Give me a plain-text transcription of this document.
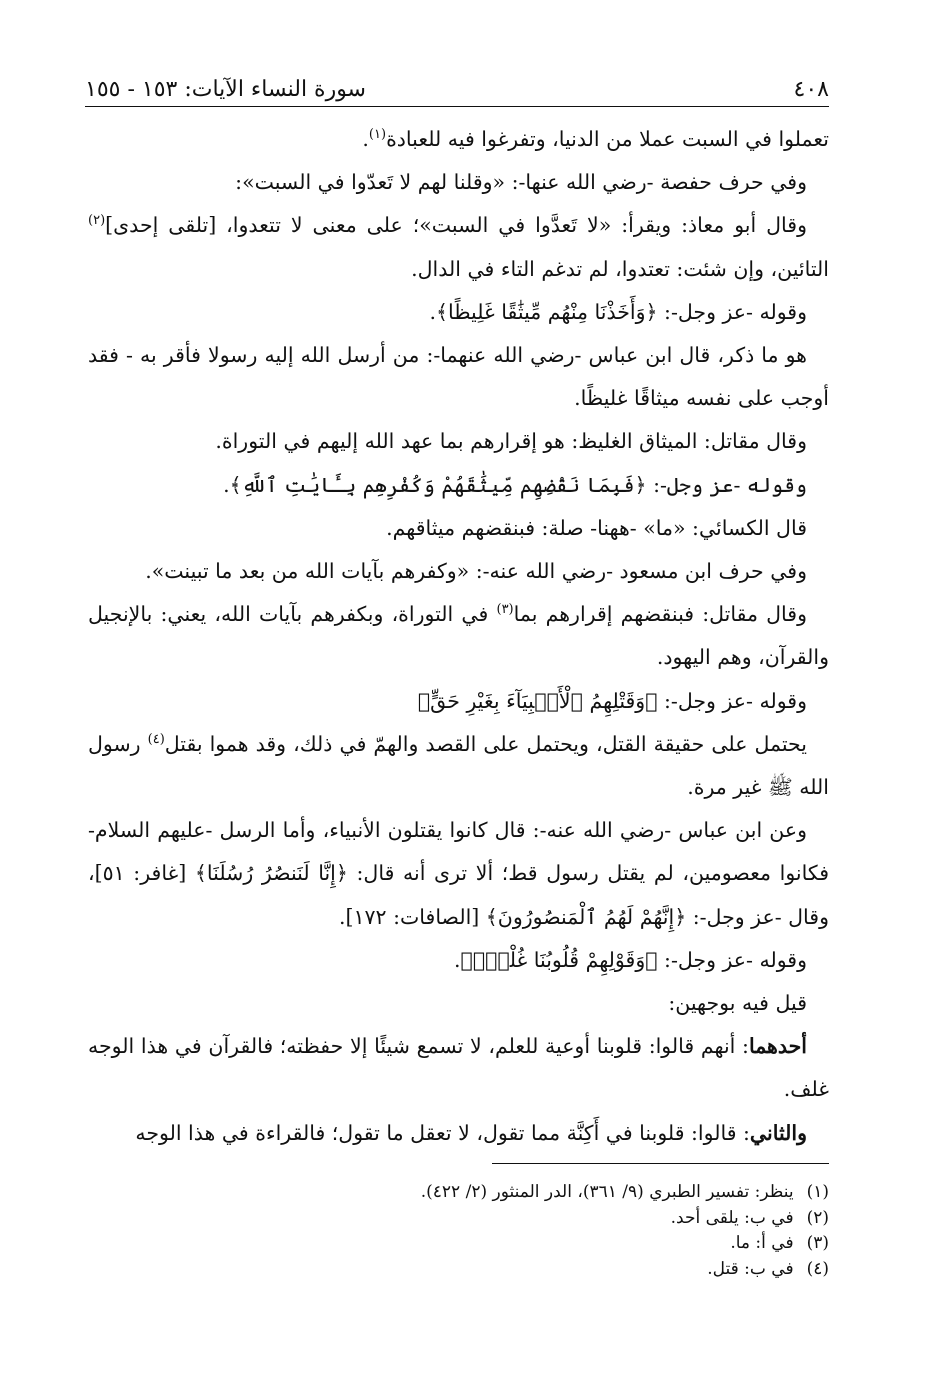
٤٠٨
سورة النساء الآيات: ١٥٣ - ١٥٥

تعملوا في السبت عملا من الدنيا، وتفرغوا فيه للعبادة$^{(١)}$.

وفي حرف حفصة -رضي الله عنها-: «وقلنا لهم لا تَعدّوا في السبت»:

وقال أبو معاذ: ويقرأ: «لا تَعدَّوا في السبت»؛ على معنى لا تتعدوا، [تلقى إحدى]$^{(٢)}$ التائين، وإن شئت: تعتدوا، لم تدغم التاء في الدال.

وقوله -عز وجل-: ﴿وَأَخَذْنَا مِنْهُم مِّيثَٰقًا غَلِيظًا﴾.

هو ما ذكر، قال ابن عباس -رضي الله عنهما-: من أرسل الله إليه رسولا فأقر به - فقد أوجب على نفسه ميثاقًا غليظًا.

وقال مقاتل: الميثاق الغليظ: هو إقرارهم بما عهد الله إليهم في التوراة.

وقوله -عز وجل-: ﴿فَبِمَا نَقْضِهِم مِّيثَٰقَهُمْ وَكُفْرِهِم بِـَٔايَٰتِ ٱللَّهِ﴾.

قال الكسائي: «ما» -ههنا- صلة: فبنقضهم ميثاقهم.

وفي حرف ابن مسعود -رضي الله عنه-: «وكفرهم بآيات الله من بعد ما تبينت».

وقال مقاتل: فبنقضهم إقرارهم بما$^{(٣)}$ في التوراة، وبكفرهم بآيات الله، يعني: بالإنجيل والقرآن، وهم اليهود.

وقوله -عز وجل-: ﴿وَقَتْلِهِمُ ٱلْأَنۢبِيَآءَ بِغَيْرِ حَقٍّ﴾

يحتمل على حقيقة القتل، ويحتمل على القصد والهمّ في ذلك، وقد هموا بقتل$^{(٤)}$ رسول الله ﷺ غير مرة.

وعن ابن عباس -رضي الله عنه-: قال كانوا يقتلون الأنبياء، وأما الرسل -عليهم السلام- فكانوا معصومين، لم يقتل رسول قط؛ ألا ترى أنه قال: ﴿إِنَّا لَنَنصُرُ رُسُلَنَا﴾ [غافر: ٥١]، وقال -عز وجل-: ﴿إِنَّهُمْ لَهُمُ ٱلْمَنصُورُونَ﴾ [الصافات: ١٧٢].

وقوله -عز وجل-: ﴿وَقَوْلِهِمْ قُلُوبُنَا غُلْفٌۢ﴾.

قيل فيه بوجهين:

أحدهما: أنهم قالوا: قلوبنا أوعية للعلم، لا تسمع شيئًا إلا حفظته؛ فالقرآن في هذا الوجه غلف.

والثاني: قالوا: قلوبنا في أَكِنَّة مما تقول، لا تعقل ما تقول؛ فالقراءة في هذا الوجه

(١) ينظر: تفسير الطبري (٩/ ٣٦١)، الدر المنثور (٢/ ٤٢٢).

(٢) في ب: يلقى أحد.

(٣) في أ: ما.

(٤) في ب: قتل.
